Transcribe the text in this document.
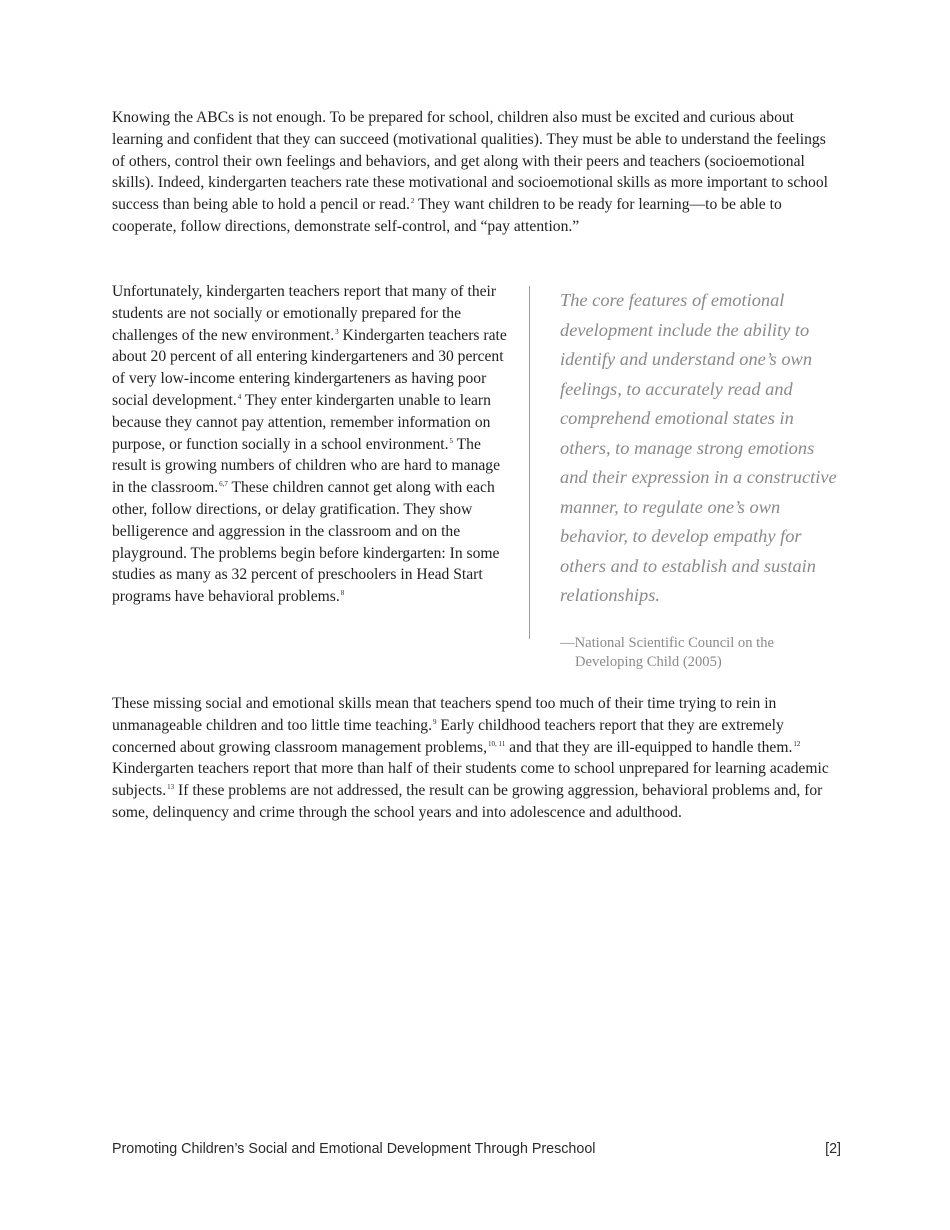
Knowing the ABCs is not enough. To be prepared for school, children also must be excited and curious about learning and confident that they can succeed (motivational qualities). They must be able to understand the feelings of others, control their own feelings and behaviors, and get along with their peers and teachers (socioemotional skills). Indeed, kindergarten teachers rate these motivational and socioemotional skills as more important to school success than being able to hold a pencil or read.$^2$ They want children to be ready for learning—to be able to cooperate, follow directions, demonstrate self-control, and “pay attention.”

Unfortunately, kindergarten teachers report that many of their students are not socially or emotionally prepared for the challenges of the new environment.$^3$ Kindergarten teachers rate about 20 percent of all entering kindergarteners and 30 percent of very low-income entering kindergarteners as having poor social development.$^4$ They enter kindergarten unable to learn because they cannot pay attention, remember information on purpose, or function socially in a school environment.$^5$ The result is growing numbers of children who are hard to manage in the classroom.$^{6,7}$ These children cannot get along with each other, follow directions, or delay gratification. They show belligerence and aggression in the classroom and on the playground. The problems begin before kindergarten: In some studies as many as 32 percent of preschoolers in Head Start programs have behavioral problems.$^8$

The core features of emotional development include the ability to identify and understand one’s own feelings, to accurately read and comprehend emotional states in others, to manage strong emotions and their expression in a constructive manner, to regulate one’s own behavior, to develop empathy for others and to establish and sustain relationships.

—National Scientific Council on the Developing Child (2005)

These missing social and emotional skills mean that teachers spend too much of their time trying to rein in unmanageable children and too little time teaching.$^9$ Early childhood teachers report that they are extremely concerned about growing classroom management problems,$^{10, 11}$ and that they are ill-equipped to handle them.$^{12}$ Kindergarten teachers report that more than half of their students come to school unprepared for learning academic subjects.$^{13}$ If these problems are not addressed, the result can be growing aggression, behavioral problems and, for some, delinquency and crime through the school years and into adolescence and adulthood.

Promoting Children’s Social and Emotional Development Through Preschool	[2]
